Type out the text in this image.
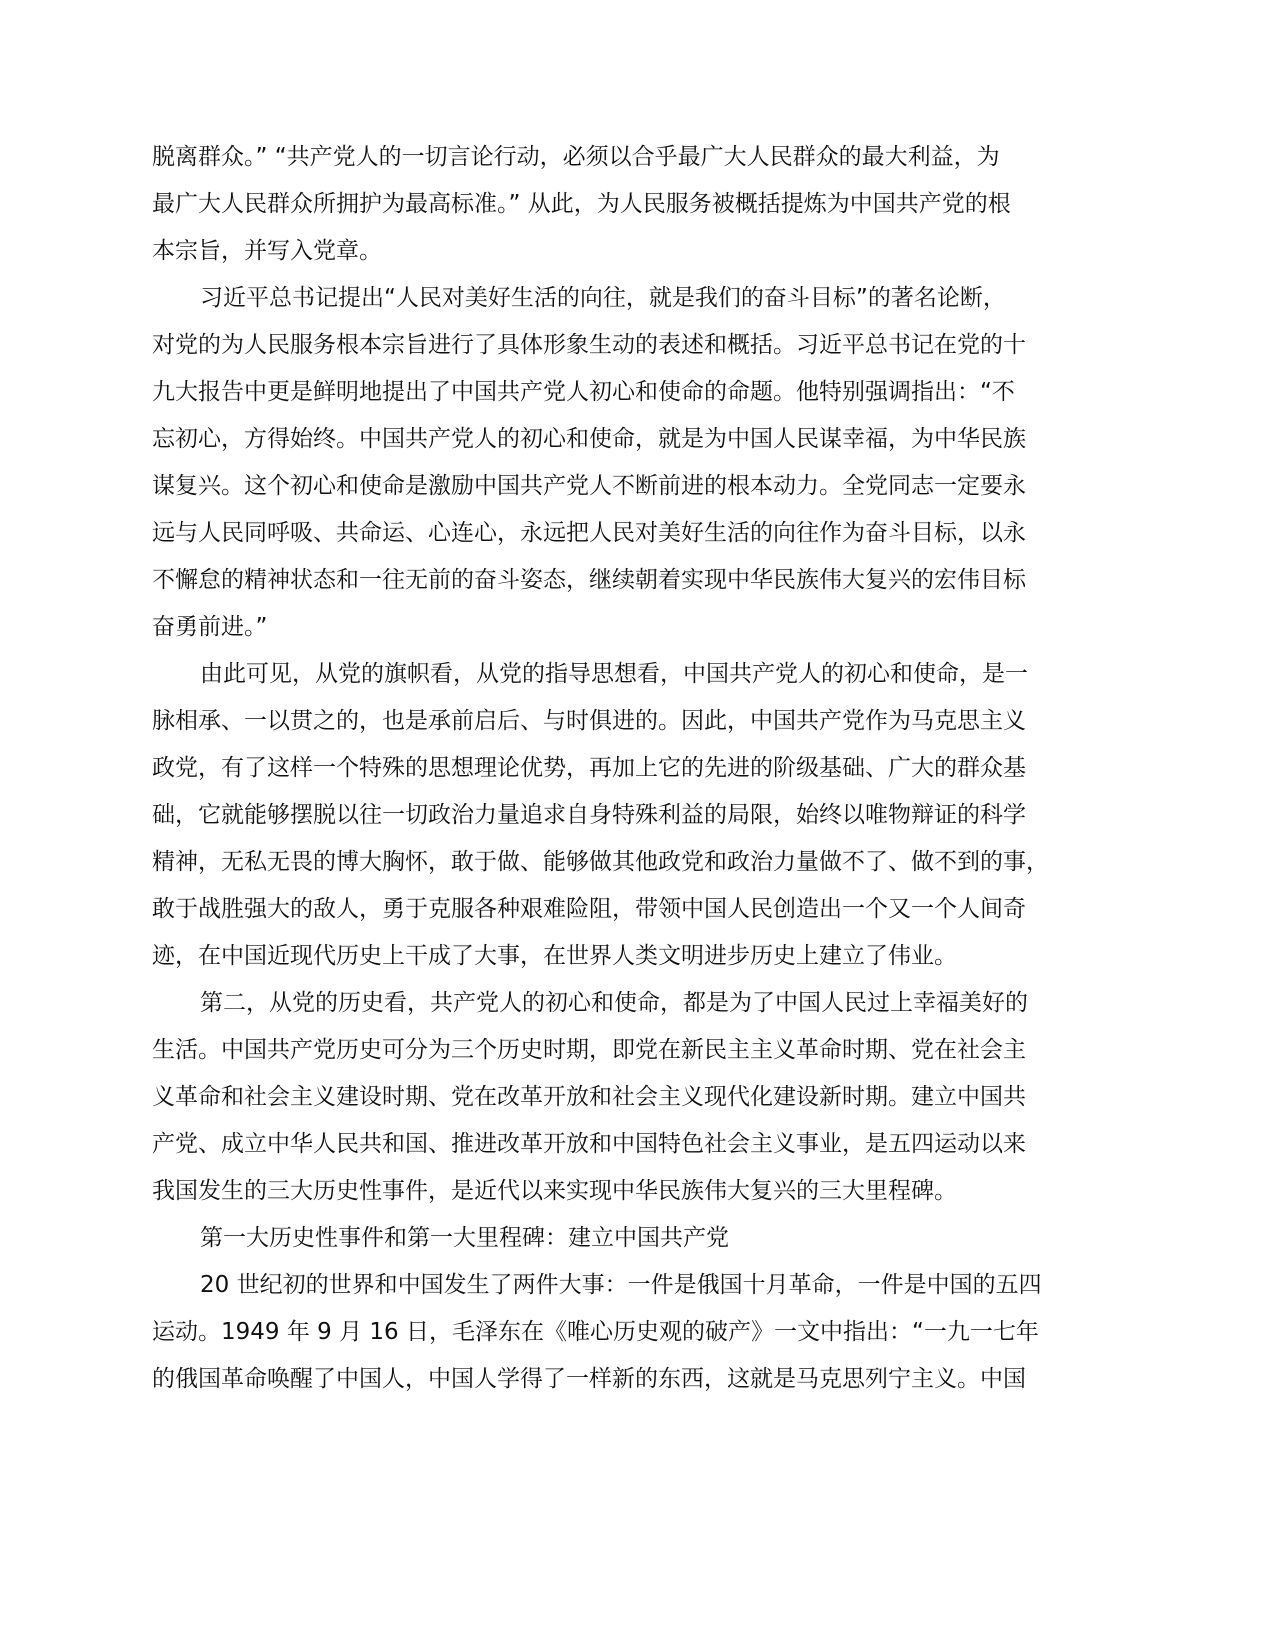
脱离群众。” “共产党人的一切言论行动，必须以合乎最广大人民群众的最大利益，为
最广大人民群众所拥护为最高标准。” 从此，为人民服务被概括提炼为中国共产党的根
本宗旨，并写入党章。
习近平总书记提出“人民对美好生活的向往，就是我们的奋斗目标”的著名论断，
对党的为人民服务根本宗旨进行了具体形象生动的表述和概括。习近平总书记在党的十
九大报告中更是鲜明地提出了中国共产党人初心和使命的命题。他特别强调指出：“不
忘初心，方得始终。中国共产党人的初心和使命，就是为中国人民谋幸福，为中华民族
谋复兴。这个初心和使命是激励中国共产党人不断前进的根本动力。全党同志一定要永
远与人民同呼吸、共命运、心连心，永远把人民对美好生活的向往作为奋斗目标，以永
不懈怠的精神状态和一往无前的奋斗姿态，继续朝着实现中华民族伟大复兴的宏伟目标
奋勇前进。”
由此可见，从党的旗帜看，从党的指导思想看，中国共产党人的初心和使命，是一
脉相承、一以贯之的，也是承前启后、与时俱进的。因此，中国共产党作为马克思主义
政党，有了这样一个特殊的思想理论优势，再加上它的先进的阶级基础、广大的群众基
础，它就能够摆脱以往一切政治力量追求自身特殊利益的局限，始终以唯物辩证的科学
精神，无私无畏的博大胸怀，敢于做、能够做其他政党和政治力量做不了、做不到的事，
敢于战胜强大的敌人，勇于克服各种艰难险阻，带领中国人民创造出一个又一个人间奇
迹，在中国近现代历史上干成了大事，在世界人类文明进步历史上建立了伟业。
第二，从党的历史看，共产党人的初心和使命，都是为了中国人民过上幸福美好的
生活。中国共产党历史可分为三个历史时期，即党在新民主主义革命时期、党在社会主
义革命和社会主义建设时期、党在改革开放和社会主义现代化建设新时期。建立中国共
产党、成立中华人民共和国、推进改革开放和中国特色社会主义事业，是五四运动以来
我国发生的三大历史性事件，是近代以来实现中华民族伟大复兴的三大里程碑。
第一大历史性事件和第一大里程碑：建立中国共产党
20 世纪初的世界和中国发生了两件大事：一件是俄国十月革命，一件是中国的五四
运动。1949 年 9 月 16 日，毛泽东在《唯心历史观的破产》一文中指出：“一九一七年
的俄国革命唤醒了中国人，中国人学得了一样新的东西，这就是马克思列宁主义。中国
